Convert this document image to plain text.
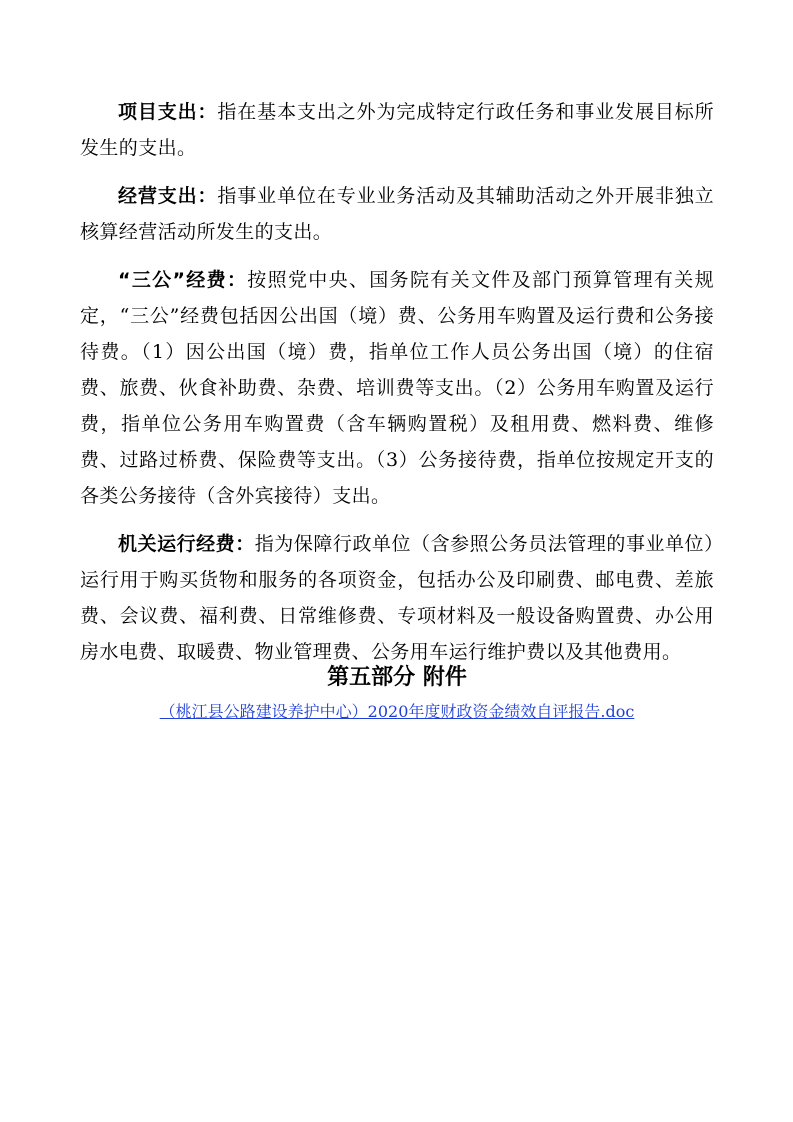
项目支出：指在基本支出之外为完成特定行政任务和事业发展目标所发生的支出。

经营支出：指事业单位在专业业务活动及其辅助活动之外开展非独立核算经营活动所发生的支出。

“三公”经费：按照党中央、国务院有关文件及部门预算管理有关规定，“三公”经费包括因公出国（境）费、公务用车购置及运行费和公务接待费。（1）因公出国（境）费，指单位工作人员公务出国（境）的住宿费、旅费、伙食补助费、杂费、培训费等支出。（2）公务用车购置及运行费，指单位公务用车购置费（含车辆购置税）及租用费、燃料费、维修费、过路过桥费、保险费等支出。（3）公务接待费，指单位按规定开支的各类公务接待（含外宾接待）支出。

机关运行经费：指为保障行政单位（含参照公务员法管理的事业单位）运行用于购买货物和服务的各项资金，包括办公及印刷费、邮电费、差旅费、会议费、福利费、日常维修费、专项材料及一般设备购置费、办公用房水电费、取暖费、物业管理费、公务用车运行维护费以及其他费用。

第五部分 附件
（桃江县公路建设养护中心）2020年度财政资金绩效自评报告.doc
